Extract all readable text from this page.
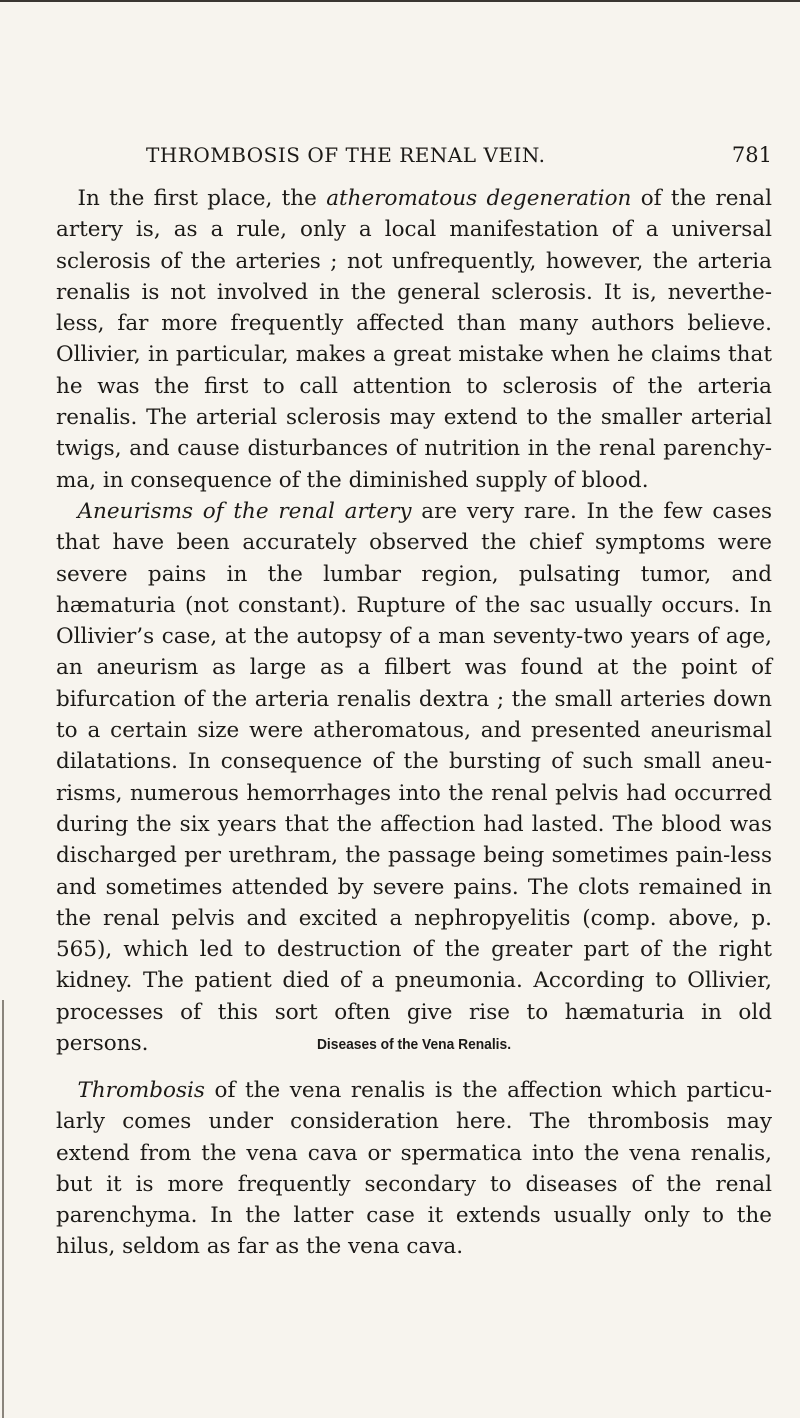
THROMBOSIS OF THE RENAL VEIN.	781

 In the first place, the atheromatous degeneration of the renal artery is, as a rule, only a local manifestation of a universal sclerosis of the arteries ; not unfrequently, however, the arteria renalis is not involved in the general sclerosis. It is, neverthe-less, far more frequently affected than many authors believe. Ollivier, in particular, makes a great mistake when he claims that he was the first to call attention to sclerosis of the arteria renalis. The arterial sclerosis may extend to the smaller arterial twigs, and cause disturbances of nutrition in the renal parenchy-ma, in consequence of the diminished supply of blood.

 Aneurisms of the renal artery are very rare. In the few cases that have been accurately observed the chief symptoms were severe pains in the lumbar region, pulsating tumor, and hæmaturia (not constant). Rupture of the sac usually occurs. In Ollivier’s case, at the autopsy of a man seventy-two years of age, an aneurism as large as a filbert was found at the point of bifurcation of the arteria renalis dextra ; the small arteries down to a certain size were atheromatous, and presented aneurismal dilatations. In consequence of the bursting of such small aneu-risms, numerous hemorrhages into the renal pelvis had occurred during the six years that the affection had lasted. The blood was discharged per urethram, the passage being sometimes pain-less and sometimes attended by severe pains. The clots remained in the renal pelvis and excited a nephropyelitis (comp. above, p. 565), which led to destruction of the greater part of the right kidney. The patient died of a pneumonia. According to Ollivier, processes of this sort often give rise to hæmaturia in old persons.	Diseases of the Vena Renalis.

 Thrombosis of the vena renalis is the affection which particu-larly comes under consideration here. The thrombosis may extend from the vena cava or spermatica into the vena renalis, but it is more frequently secondary to diseases of the renal parenchyma. In the latter case it extends usually only to the hilus, seldom as far as the vena cava.
